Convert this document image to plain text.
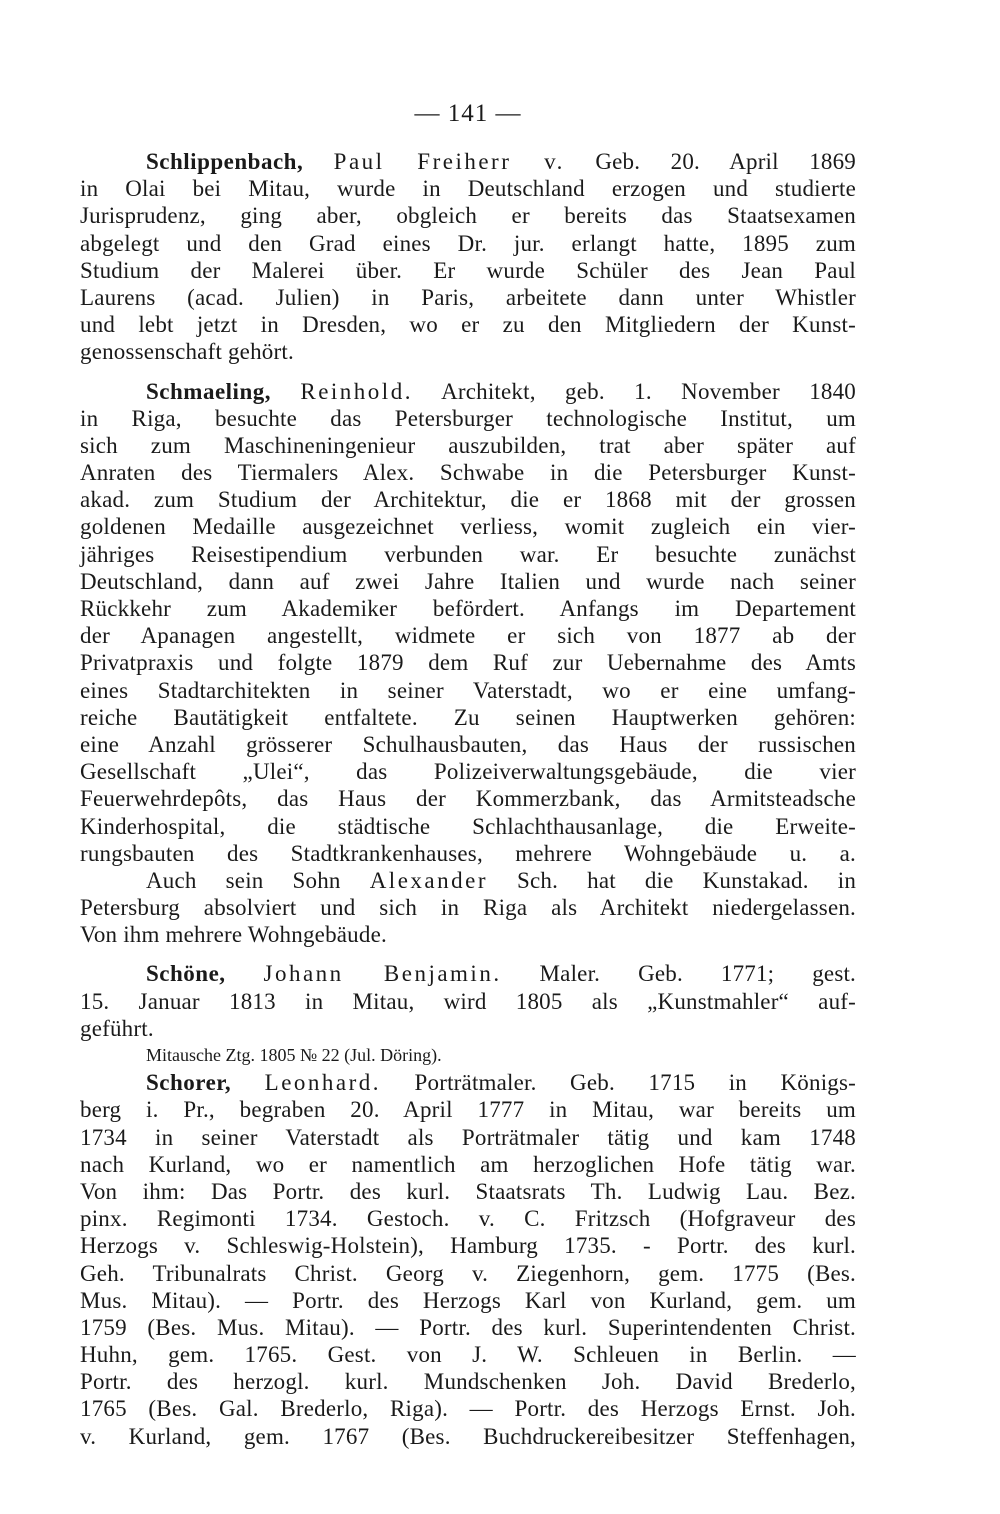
— 141 —
Schlippenbach, Paul Freiherr v. Geb. 20. April 1869
in Olai bei Mitau, wurde in Deutschland erzogen und studierte
Jurisprudenz, ging aber, obgleich er bereits das Staatsexamen
abgelegt und den Grad eines Dr. jur. erlangt hatte, 1895 zum
Studium der Malerei über. Er wurde Schüler des Jean Paul
Laurens (acad. Julien) in Paris, arbeitete dann unter Whistler
und lebt jetzt in Dresden, wo er zu den Mitgliedern der Kunst-
genossenschaft gehört.
Schmaeling, Reinhold. Architekt, geb. 1. November 1840
in Riga, besuchte das Petersburger technologische Institut, um
sich zum Maschineningenieur auszubilden, trat aber später auf
Anraten des Tiermalers Alex. Schwabe in die Petersburger Kunst-
akad. zum Studium der Architektur, die er 1868 mit der grossen
goldenen Medaille ausgezeichnet verliess, womit zugleich ein vier-
jähriges Reisestipendium verbunden war. Er besuchte zunächst
Deutschland, dann auf zwei Jahre Italien und wurde nach seiner
Rückkehr zum Akademiker befördert. Anfangs im Departement
der Apanagen angestellt, widmete er sich von 1877 ab der
Privatpraxis und folgte 1879 dem Ruf zur Uebernahme des Amts
eines Stadtarchitekten in seiner Vaterstadt, wo er eine umfang-
reiche Bautätigkeit entfaltete. Zu seinen Hauptwerken gehören:
eine Anzahl grösserer Schulhausbauten, das Haus der russischen
Gesellschaft „Ulei“, das Polizeiverwaltungsgebäude, die vier
Feuerwehrdepôts, das Haus der Kommerzbank, das Armitsteadsche
Kinderhospital, die städtische Schlachthausanlage, die Erweite-
rungsbauten des Stadtkrankenhauses, mehrere Wohngebäude u. a.
Auch sein Sohn Alexander Sch. hat die Kunstakad. in
Petersburg absolviert und sich in Riga als Architekt niedergelassen.
Von ihm mehrere Wohngebäude.
Schöne, Johann Benjamin. Maler. Geb. 1771; gest.
15. Januar 1813 in Mitau, wird 1805 als „Kunstmahler“ auf-
geführt.
Mitausche Ztg. 1805 № 22 (Jul. Döring).
Schorer, Leonhard. Porträtmaler. Geb. 1715 in Königs-
berg i. Pr., begraben 20. April 1777 in Mitau, war bereits um
1734 in seiner Vaterstadt als Porträtmaler tätig und kam 1748
nach Kurland, wo er namentlich am herzoglichen Hofe tätig war.
Von ihm: Das Portr. des kurl. Staatsrats Th. Ludwig Lau. Bez.
pinx. Regimonti 1734. Gestoch. v. C. Fritzsch (Hofgraveur des
Herzogs v. Schleswig-Holstein), Hamburg 1735. - Portr. des kurl.
Geh. Tribunalrats Christ. Georg v. Ziegenhorn, gem. 1775 (Bes.
Mus. Mitau). — Portr. des Herzogs Karl von Kurland, gem. um
1759 (Bes. Mus. Mitau). — Portr. des kurl. Superintendenten Christ.
Huhn, gem. 1765. Gest. von J. W. Schleuen in Berlin. —
Portr. des herzogl. kurl. Mundschenken Joh. David Brederlo,
1765 (Bes. Gal. Brederlo, Riga). — Portr. des Herzogs Ernst. Joh.
v. Kurland, gem. 1767 (Bes. Buchdruckereibesitzer Steffenhagen,
